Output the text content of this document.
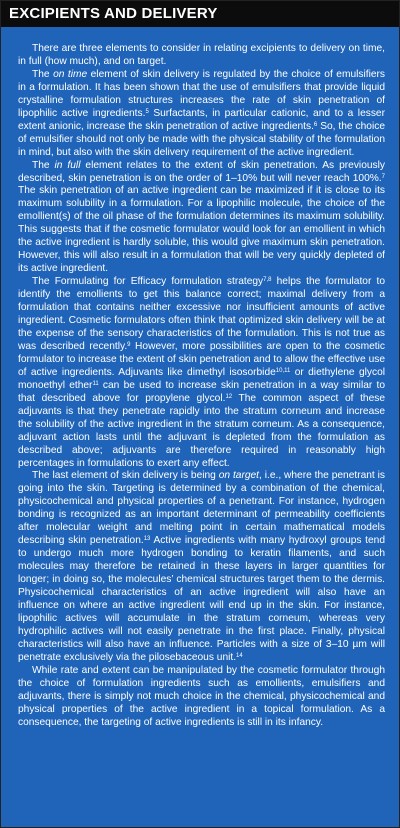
EXCIPIENTS AND DELIVERY

There are three elements to consider in relating excipients to delivery on time, in full (how much), and on target.

The on time element of skin delivery is regulated by the choice of emulsifiers in a formulation. It has been shown that the use of emulsifiers that provide liquid crystalline formulation structures increases the rate of skin penetration of lipophilic active ingredients.$^5$ Surfactants, in particular cationic, and to a lesser extent anionic, increase the skin penetration of active ingredients.$^6$ So, the choice of emulsifier should not only be made with the physical stability of the formulation in mind, but also with the skin delivery requirement of the active ingredient.

The in full element relates to the extent of skin penetration. As previously described, skin penetration is on the order of 1–10% but will never reach 100%.$^7$ The skin penetration of an active ingredient can be maximized if it is close to its maximum solubility in a formulation. For a lipophilic molecule, the choice of the emollient(s) of the oil phase of the formulation determines its maximum solubility. This suggests that if the cosmetic formulator would look for an emollient in which the active ingredient is hardly soluble, this would give maximum skin penetration. However, this will also result in a formulation that will be very quickly depleted of its active ingredient.

The Formulating for Efficacy formulation strategy$^{7,8}$ helps the formulator to identify the emollients to get this balance correct; maximal delivery from a formulation that contains neither excessive nor insufficient amounts of active ingredient. Cosmetic formulators often think that optimized skin delivery will be at the expense of the sensory characteristics of the formulation. This is not true as was described recently.$^9$ However, more possibilities are open to the cosmetic formulator to increase the extent of skin penetration and to allow the effective use of active ingredients. Adjuvants like dimethyl isosorbide$^{10,11}$ or diethylene glycol monoethyl ether$^{11}$ can be used to increase skin penetration in a way similar to that described above for propylene glycol.$^{12}$ The common aspect of these adjuvants is that they penetrate rapidly into the stratum corneum and increase the solubility of the active ingredient in the stratum corneum. As a consequence, adjuvant action lasts until the adjuvant is depleted from the formulation as described above; adjuvants are therefore required in reasonably high percentages in formulations to exert any effect.

The last element of skin delivery is being on target, i.e., where the penetrant is going into the skin. Targeting is determined by a combination of the chemical, physicochemical and physical properties of a penetrant. For instance, hydrogen bonding is recognized as an important determinant of permeability coefficients after molecular weight and melting point in certain mathematical models describing skin penetration.$^{13}$ Active ingredients with many hydroxyl groups tend to undergo much more hydrogen bonding to keratin filaments, and such molecules may therefore be retained in these layers in larger quantities for longer; in doing so, the molecules’ chemical structures target them to the dermis. Physicochemical characteristics of an active ingredient will also have an influence on where an active ingredient will end up in the skin. For instance, lipophilic actives will accumulate in the stratum corneum, whereas very hydrophilic actives will not easily penetrate in the first place. Finally, physical characteristics will also have an influence. Particles with a size of 3–10 µm will penetrate exclusively via the pilosebaceous unit.$^{14}$

While rate and extent can be manipulated by the cosmetic formulator through the choice of formulation ingredients such as emollients, emulsifiers and adjuvants, there is simply not much choice in the chemical, physicochemical and physical properties of the active ingredient in a topical formulation. As a consequence, the targeting of active ingredients is still in its infancy.
